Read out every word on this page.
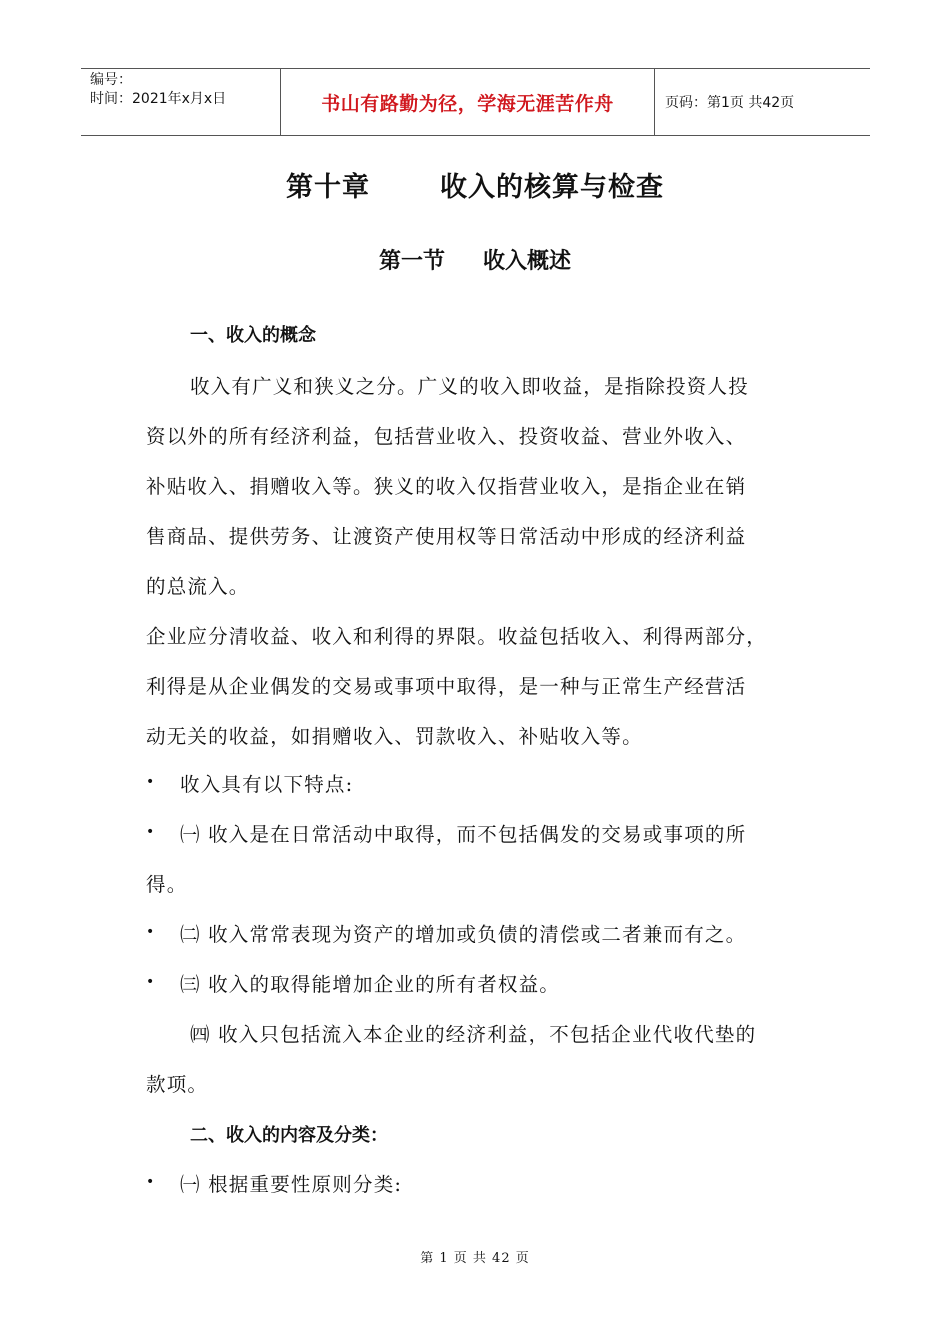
编号：
时间：2021年x月x日	书山有路勤为径，学海无涯苦作舟	页码：第1页 共42页
第十章	收入的核算与检查
第一节 收入概述
一、收入的概念
收入有广义和狭义之分。广义的收入即收益，是指除投资人投
资以外的所有经济利益，包括营业收入、投资收益、营业外收入、
补贴收入、捐赠收入等。狭义的收入仅指营业收入，是指企业在销
售商品、提供劳务、让渡资产使用权等日常活动中形成的经济利益
的总流入。
企业应分清收益、收入和利得的界限。收益包括收入、利得两部分，
利得是从企业偶发的交易或事项中取得，是一种与正常生产经营活
动无关的收益，如捐赠收入、罚款收入、补贴收入等。
• 收入具有以下特点:
• ㈠ 收入是在日常活动中取得，而不包括偶发的交易或事项的所
得。
• ㈡ 收入常常表现为资产的增加或负债的清偿或二者兼而有之。
• ㈢ 收入的取得能增加企业的所有者权益。
㈣ 收入只包括流入本企业的经济利益，不包括企业代收代垫的
款项。
二、收入的内容及分类：
• ㈠ 根据重要性原则分类:
第 1 页 共 42 页
